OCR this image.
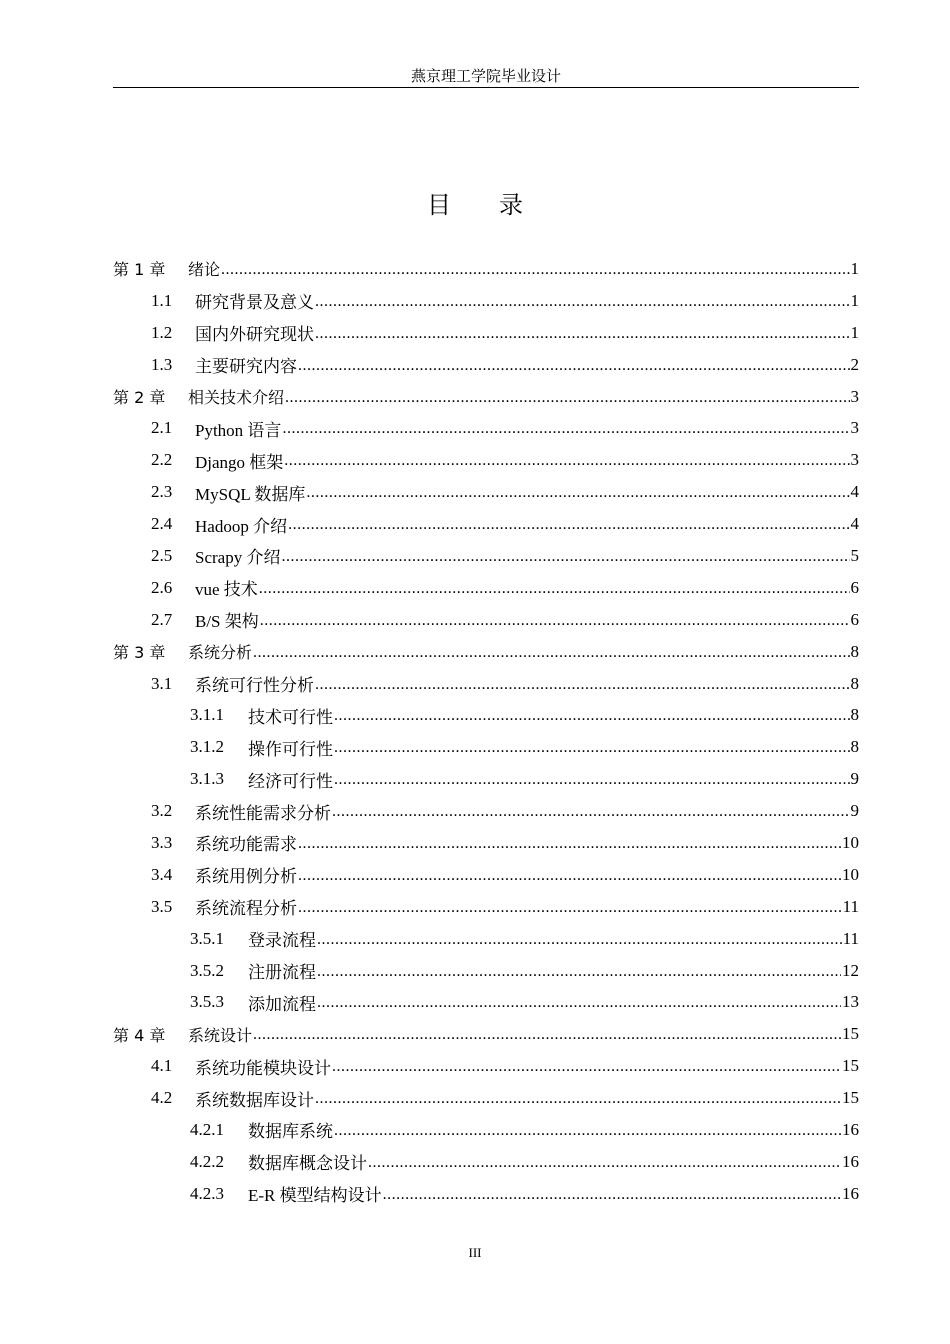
燕京理工学院毕业设计
目录
第 1 章	绪论 .....	1
1.1	研究背景及意义 .....	1
1.2	国内外研究现状 .....	1
1.3	主要研究内容 .....	2
第 2 章	相关技术介绍 .....	3
2.1	Python 语言 .....	3
2.2	Django 框架 .....	3
2.3	MySQL 数据库 .....	4
2.4	Hadoop 介绍 .....	4
2.5	Scrapy 介绍 .....	5
2.6	vue 技术 .....	6
2.7	B/S 架构 .....	6
第 3 章	系统分析 .....	8
3.1	系统可行性分析 .....	8
3.1.1	技术可行性 .....	8
3.1.2	操作可行性 .....	8
3.1.3	经济可行性 .....	9
3.2	系统性能需求分析 .....	9
3.3	系统功能需求 .....	10
3.4	系统用例分析 .....	10
3.5	系统流程分析 .....	11
3.5.1	登录流程 .....	11
3.5.2	注册流程 .....	12
3.5.3	添加流程 .....	13
第 4 章	系统设计 .....	15
4.1	系统功能模块设计 .....	15
4.2	系统数据库设计 .....	15
4.2.1	数据库系统 .....	16
4.2.2	数据库概念设计 .....	16
4.2.3	E-R 模型结构设计 .....	16
III
